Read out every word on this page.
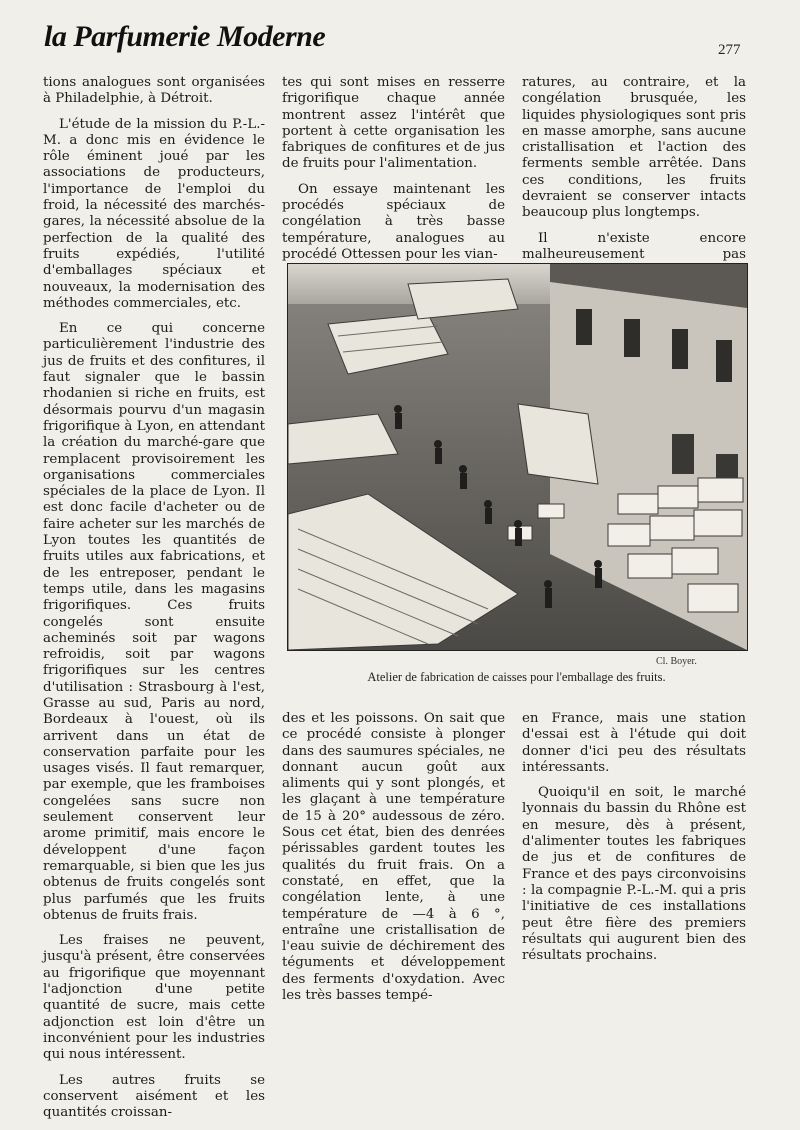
la Parfumerie Moderne	277

tions analogues sont organisées à Philadelphie, à Détroit.

L'étude de la mission du P.-L.-M. a donc mis en évidence le rôle éminent joué par les associations de producteurs, l'importance de l'emploi du froid, la nécessité des marchés-gares, la nécessité absolue de la perfection de la qualité des fruits expédiés, l'utilité d'emballages spéciaux et nouveaux, la modernisation des méthodes commerciales, etc.

En ce qui concerne particulièrement l'industrie des jus de fruits et des confitures, il faut signaler que le bassin rhodanien si riche en fruits, est désormais pourvu d'un magasin frigorifique à Lyon, en attendant la création du marché-gare que remplacent provisoirement les organisations commerciales spéciales de la place de Lyon. Il est donc facile d'acheter ou de faire acheter sur les marchés de Lyon toutes les quantités de fruits utiles aux fabrications, et de les entreposer, pendant le temps utile, dans les magasins frigorifiques. Ces fruits congelés sont ensuite acheminés soit par wagons refroidis, soit par wagons frigorifiques sur les centres d'utilisation : Strasbourg à l'est, Grasse au sud, Paris au nord, Bordeaux à l'ouest, où ils arrivent dans un état de conservation parfaite pour les usages visés. Il faut remarquer, par exemple, que les framboises congelées sans sucre non seulement conservent leur arome primitif, mais encore le développent d'une façon remarquable, si bien que les jus obtenus de fruits congelés sont plus parfumés que les fruits obtenus de fruits frais.

Les fraises ne peuvent, jusqu'à présent, être conservées au frigorifique que moyennant l'adjonction d'une petite quantité de sucre, mais cette adjonction est loin d'être un inconvénient pour les industries qui nous intéressent.

Les autres fruits se conservent aisément et les quantités croissan-

tes qui sont mises en resserre frigorifique chaque année montrent assez l'intérêt que portent à cette organisation les fabriques de confitures et de jus de fruits pour l'alimentation.

On essaye maintenant les procédés spéciaux de congélation à très basse température, analogues au procédé Ottessen pour les vian-

ratures, au contraire, et la congélation brusquée, les liquides physiologiques sont pris en masse amorphe, sans aucune cristallisation et l'action des ferments semble arrêtée. Dans ces conditions, les fruits devraient se conserver intacts beaucoup plus longtemps.

Il n'existe encore malheureusement pas

Cl. Boyer.
Atelier de fabrication de caisses pour l'emballage des fruits.

des et les poissons. On sait que ce procédé consiste à plonger dans des saumures spéciales, ne donnant aucun goût aux aliments qui y sont plongés, et les glaçant à une température de 15 à 20° audessous de zéro. Sous cet état, bien des denrées périssables gardent toutes les qualités du fruit frais. On a constaté, en effet, que la congélation lente, à une température de —4 à 6 °, entraîne une cristallisation de l'eau suivie de déchirement des téguments et développement des ferments d'oxydation. Avec les très basses tempé-

en France, mais une station d'essai est à l'étude qui doit donner d'ici peu des résultats intéressants.

Quoiqu'il en soit, le marché lyonnais du bassin du Rhône est en mesure, dès à présent, d'alimenter toutes les fabriques de jus et de confitures de France et des pays circonvoisins : la compagnie P.-L.-M. qui a pris l'initiative de ces installations peut être fière des premiers résultats qui augurent bien des résultats prochains.
